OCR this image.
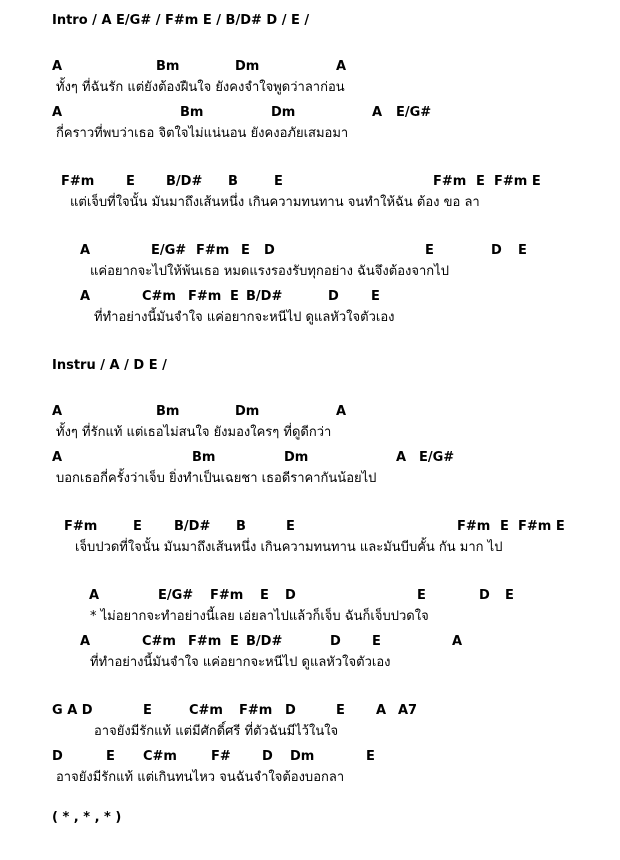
Intro / A E/G# / F#m E / B/D# D / E /
Instru / A / D E /
( * , * , * )
A	Bm	Dm	A
ทั้งๆ ที่ฉันรัก แต่ยังต้องฝืนใจ ยังคงจำใจพูดว่าลาก่อน
A	Bm	Dm	A E/G#
กี่คราวที่พบว่าเธอ จิตใจไม่แน่นอน ยังคงอภัยเสมอมา
F#m E B/D# B	E	F#m E F#m E
แต่เจ็บที่ใจนั้น มันมาถึงเส้นหนึ่ง เกินความทนทาน จนทำให้ฉัน ต้อง ขอ ลา
A	E/G# F#m E D	E	D E
แค่อยากจะไปให้พ้นเธอ หมดแรงรองรับทุกอย่าง ฉันจึงต้องจากไป
A	C#m F#m E B/D#	D E
ที่ทำอย่างนี้มันจำใจ แค่อยากจะหนีไป ดูแลหัวใจตัวเอง
A	Bm	Dm	A
ทั้งๆ ที่รักแท้ แต่เธอไม่สนใจ ยังมองใครๆ ที่ดูดีกว่า
A	Bm	Dm	A E/G#
บอกเธอกี่ครั้งว่าเจ็บ ยิ่งทำเป็นเฉยชา เธอดีราคากันน้อยไป
F#m	E B/D# B	E	F#m E F#m E
เจ็บปวดที่ใจนั้น มันมาถึงเส้นหนึ่ง เกินความทนทาน และมันบีบคั้น กัน มาก ไป
A	E/G# F#m E D	E	D E
* ไม่อยากจะทำอย่างนี้เลย เอ่ยลาไปแล้วก็เจ็บ ฉันก็เจ็บปวดใจ
A	C#m F#m E B/D#	D E	A
ที่ทำอย่างนี้มันจำใจ แค่อยากจะหนีไป ดูแลหัวใจตัวเอง
G A D	E	C#m F#m D	E A A7
อาจยังมีรักแท้ แต่มีศักดิ์ศรี ที่ตัวฉันมีไว้ในใจ
D	E C#m	F# D Dm	E
อาจยังมีรักแท้ แต่เกินทนไหว จนฉันจำใจต้องบอกลา
